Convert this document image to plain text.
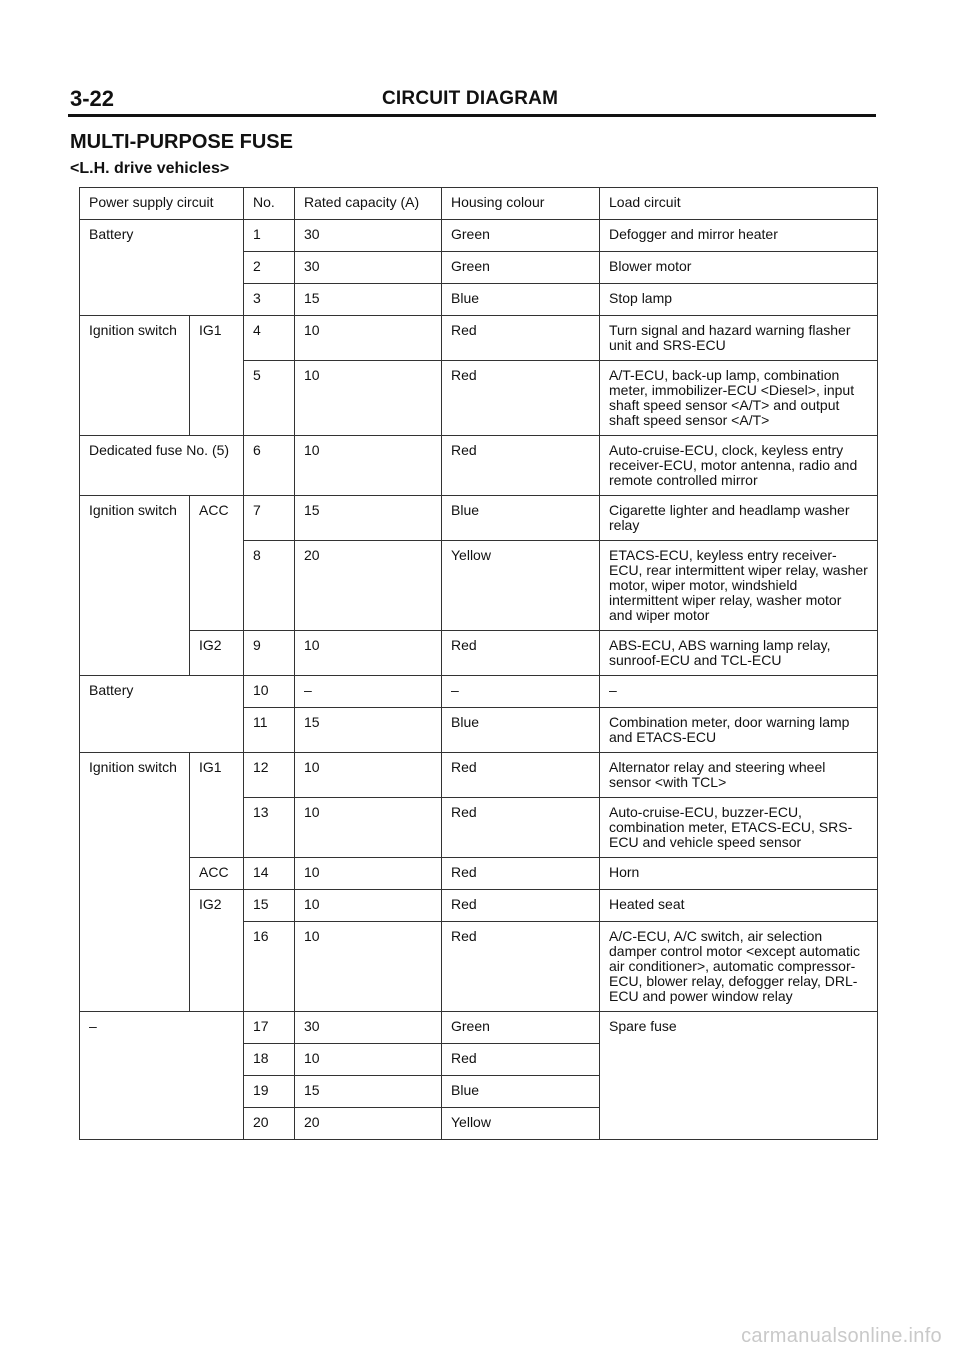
3-22	CIRCUIT DIAGRAM
MULTI-PURPOSE FUSE
<L.H. drive vehicles>
Power supply circuit		No.	Rated capacity (A)	Housing colour	Load circuit
Battery		1	30	Green	Defogger and mirror heater
		2	30	Green	Blower motor
		3	15	Blue	Stop lamp
Ignition switch	IG1	4	10	Red	Turn signal and hazard warning flasher unit and SRS-ECU
		5	10	Red	A/T-ECU, back-up lamp, combination meter, immobilizer-ECU <Diesel>, input shaft speed sensor <A/T> and output shaft speed sensor <A/T>
Dedicated fuse No. (5)		6	10	Red	Auto-cruise-ECU, clock, keyless entry receiver-ECU, motor antenna, radio and remote controlled mirror
Ignition switch	ACC	7	15	Blue	Cigarette lighter and headlamp washer relay
		8	20	Yellow	ETACS-ECU, keyless entry receiver-ECU, rear intermittent wiper relay, washer motor, wiper motor, windshield intermittent wiper relay, washer motor and wiper motor
	IG2	9	10	Red	ABS-ECU, ABS warning lamp relay, sunroof-ECU and TCL-ECU
Battery		10	–	–	–
		11	15	Blue	Combination meter, door warning lamp and ETACS-ECU
Ignition switch	IG1	12	10	Red	Alternator relay and steering wheel sensor <with TCL>
		13	10	Red	Auto-cruise-ECU, buzzer-ECU, combination meter, ETACS-ECU, SRS-ECU and vehicle speed sensor
	ACC	14	10	Red	Horn
	IG2	15	10	Red	Heated seat
		16	10	Red	A/C-ECU, A/C switch, air selection damper control motor <except automatic air conditioner>, automatic compressor-ECU, blower relay, defogger relay, DRL-ECU and power window relay
–		17	30	Green	Spare fuse
		18	10	Red	
		19	15	Blue	
		20	20	Yellow	
carmanualsonline.info
